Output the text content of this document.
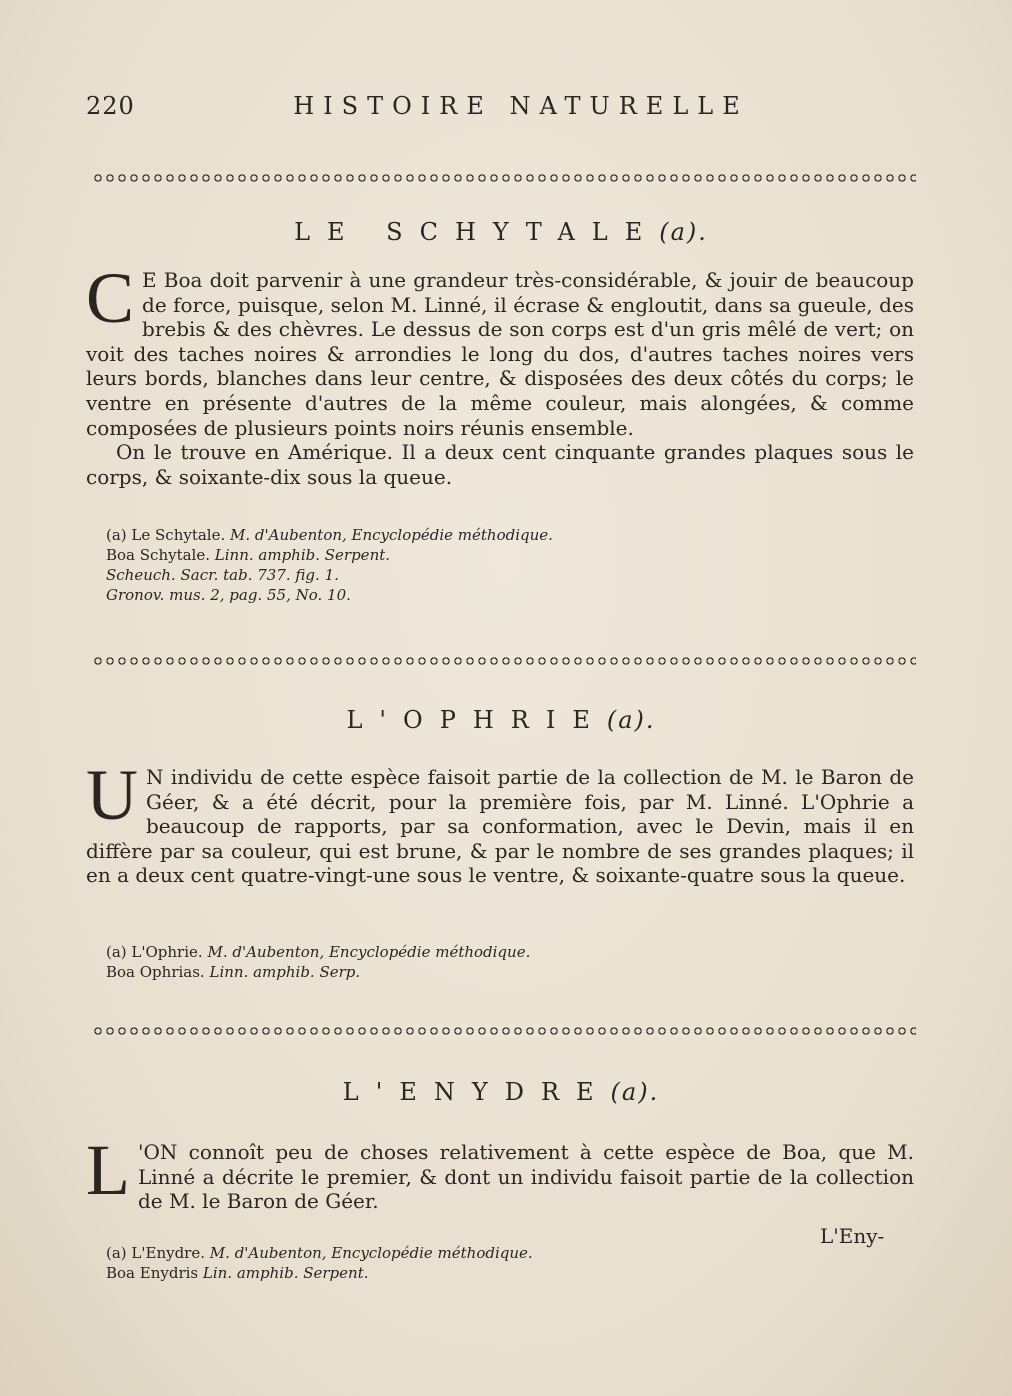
220	HISTOIRE NATURELLE
LE SCHYTALE(a).

C E Boa doit parvenir à une grandeur très-considérable, & jouir de beaucoup de force, puisque, selon M. Linné, il écrase & engloutit, dans sa gueule, des brebis & des chèvres. Le dessus de son corps est d'un gris mêlé de vert; on voit des taches noires & arrondies le long du dos, d'autres taches noires vers leurs bords, blanches dans leur centre, & disposées des deux côtés du corps; le ventre en présente d'autres de la même couleur, mais alongées, & comme composées de plusieurs points noirs réunis ensemble.

On le trouve en Amérique. Il a deux cent cinquante grandes plaques sous le corps, & soixante-dix sous la queue.

(a) Le Schytale. M. d'Aubenton, Encyclopédie méthodique.
Boa Schytale. Linn. amphib. Serpent.
Scheuch. Sacr. tab. 737. fig. 1.
Gronov. mus. 2, pag. 55, No. 10.
L'OPHRIE(a).

U N individu de cette espèce faisoit partie de la collection de M. le Baron de Géer, & a été décrit, pour la première fois, par M. Linné. L'Ophrie a beaucoup de rapports, par sa conformation, avec le Devin, mais il en diffère par sa couleur, qui est brune, & par le nombre de ses grandes plaques; il en a deux cent quatre-vingt-une sous le ventre, & soixante-quatre sous la queue.

(a) L'Ophrie. M. d'Aubenton, Encyclopédie méthodique.
Boa Ophrias. Linn. amphib. Serp.
L'ENYDRE(a).

L 'ON connoît peu de choses relativement à cette espèce de Boa, que M. Linné a décrite le premier, & dont un individu faisoit partie de la collection de M. le Baron de Géer.

L'Eny-
(a) L'Enydre. M. d'Aubenton, Encyclopédie méthodique.
Boa Enydris Lin. amphib. Serpent.
